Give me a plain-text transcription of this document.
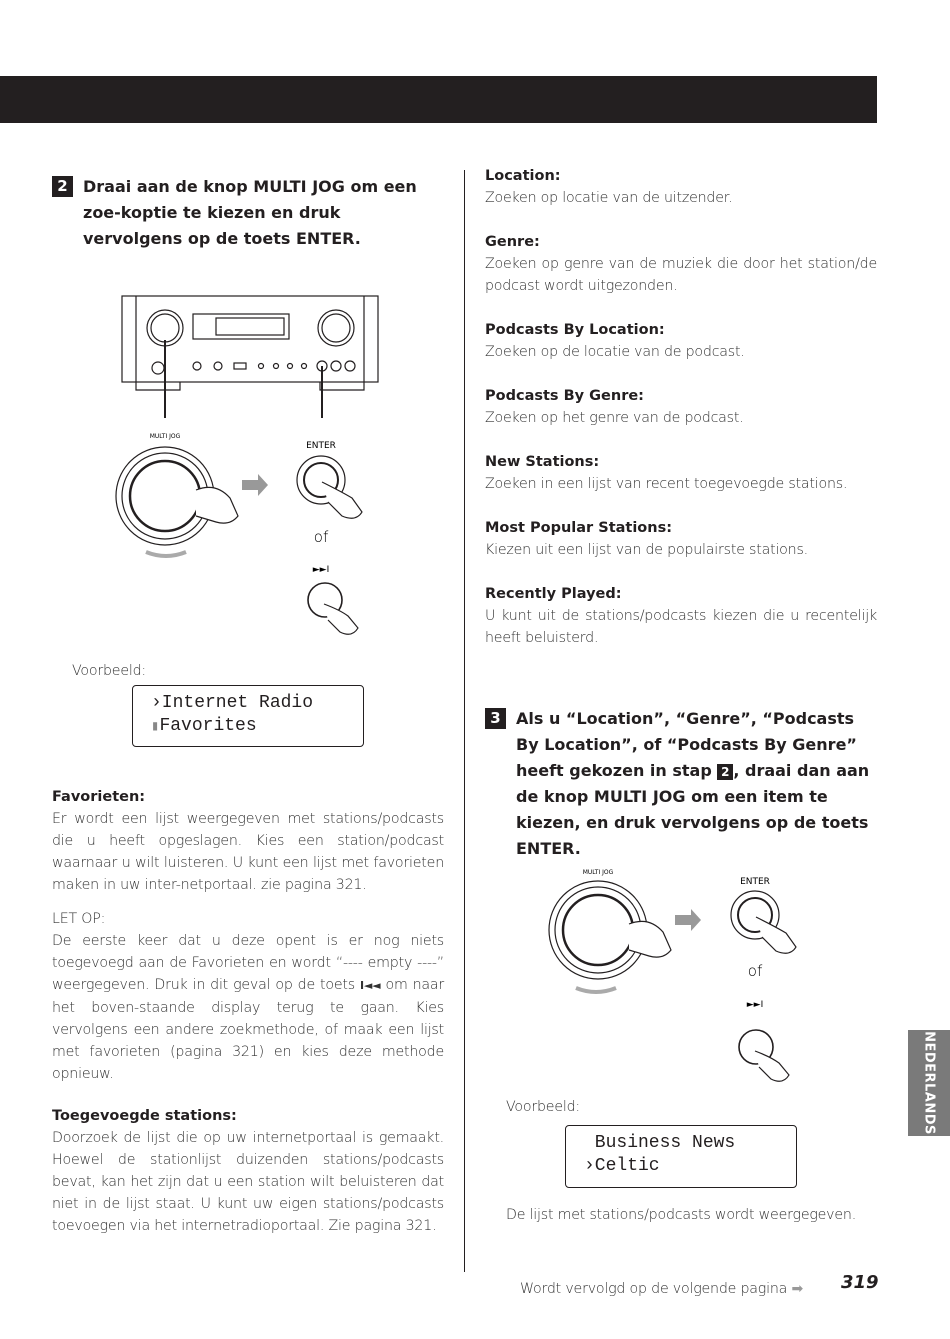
2 Draai aan de knop MULTI JOG om een zoe-koptie te kiezen en druk vervolgens op de toets ENTER.
MULTI JOG
ENTER
of
►►I
Voorbeeld:
›Internet Radio
▮Favorites
Favorieten:
Er wordt een lijst weergegeven met stations/podcasts die u heeft opgeslagen. Kies een station/podcast waarnaar u wilt luisteren. U kunt een lijst met favorieten maken in uw inter-netportaal. zie pagina 321.
LET OP:
De eerste keer dat u deze opent is er nog niets toegevoegd aan de Favorieten en wordt “---- empty ----” weergegeven. Druk in dit geval op de toets I◄◄ om naar het boven-staande display terug te gaan. Kies vervolgens een andere zoekmethode, of maak een lijst met favorieten (pagina 321) en kies deze methode opnieuw.
Toegevoegde stations:
Doorzoek de lijst die op uw internetportaal is gemaakt. Hoewel de stationlijst duizenden stations/podcasts bevat, kan het zijn dat u een station wilt beluisteren dat niet in de lijst staat. U kunt uw eigen stations/podcasts toevoegen via het internetradioportaal. Zie pagina 321.
Location:
Zoeken op locatie van de uitzender.
Genre:
Zoeken op genre van de muziek die door het station/de podcast wordt uitgezonden.
Podcasts By Location:
Zoeken op de locatie van de podcast.
Podcasts By Genre:
Zoeken op het genre van de podcast.
New Stations:
Zoeken in een lijst van recent toegevoegde stations.
Most Popular Stations:
Kiezen uit een lijst van de populairste stations.
Recently Played:
U kunt uit de stations/podcasts kiezen die u recentelijk heeft beluisterd.
3 Als u “Location”, “Genre”, “Podcasts By Location”, of “Podcasts By Genre” heeft gekozen in stap 2 , draai dan aan de knop MULTI JOG om een item te kiezen, en druk vervolgens op de toets ENTER.
MULTI JOG
ENTER
of
►►I
Voorbeeld:
Business News
›Celtic
De lijst met stations/podcasts wordt weergegeven.
Wordt vervolgd op de volgende pagina ➡ 319
NEDERLANDS
